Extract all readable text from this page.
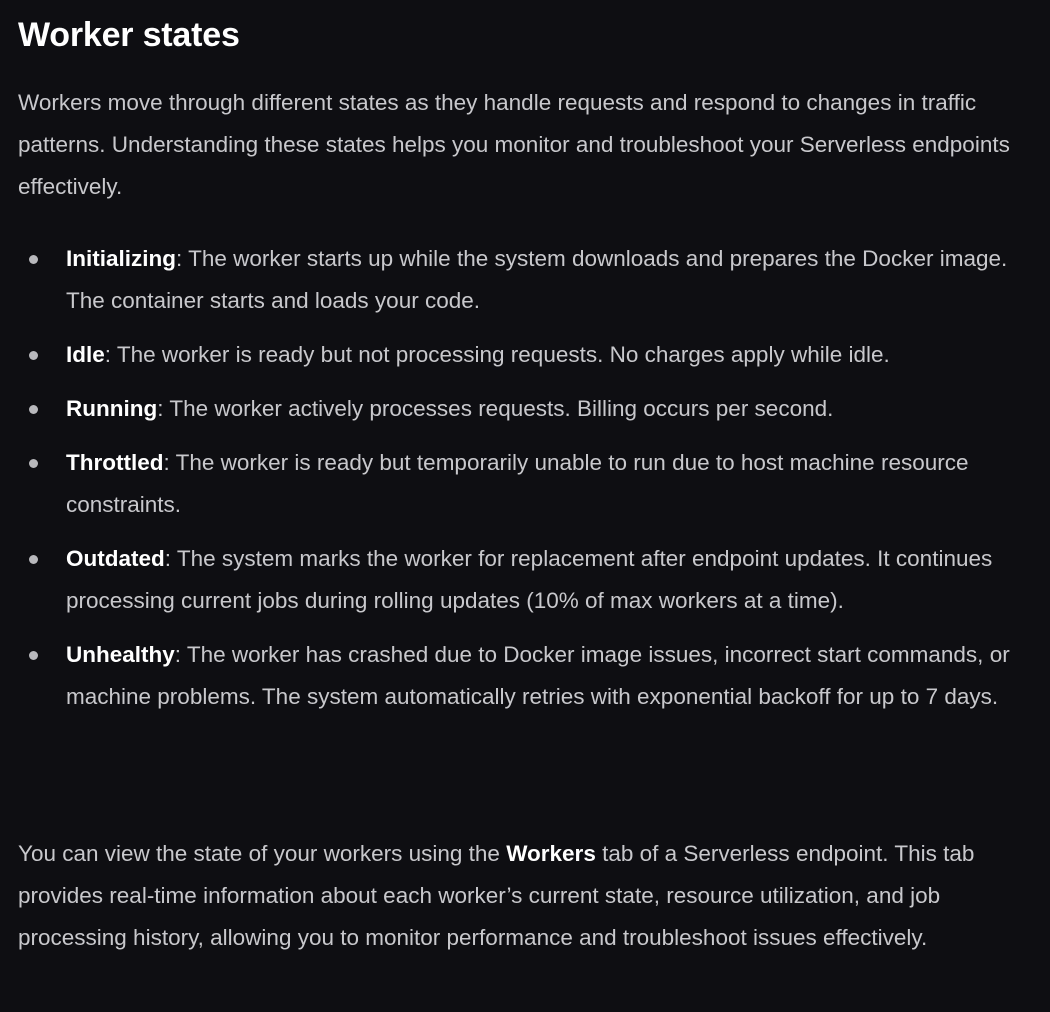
Worker states

Workers move through different states as they handle requests and respond to changes in traffic patterns. Understanding these states helps you monitor and troubleshoot your Serverless endpoints effectively.

Initializing: The worker starts up while the system downloads and prepares the Docker image. The container starts and loads your code.
Idle: The worker is ready but not processing requests. No charges apply while idle.
Running: The worker actively processes requests. Billing occurs per second.
Throttled: The worker is ready but temporarily unable to run due to host machine resource constraints.
Outdated: The system marks the worker for replacement after endpoint updates. It continues processing current jobs during rolling updates (10% of max workers at a time).
Unhealthy: The worker has crashed due to Docker image issues, incorrect start commands, or machine problems. The system automatically retries with exponential backoff for up to 7 days.

You can view the state of your workers using the Workers tab of a Serverless endpoint. This tab provides real-time information about each worker’s current state, resource utilization, and job processing history, allowing you to monitor performance and troubleshoot issues effectively.
